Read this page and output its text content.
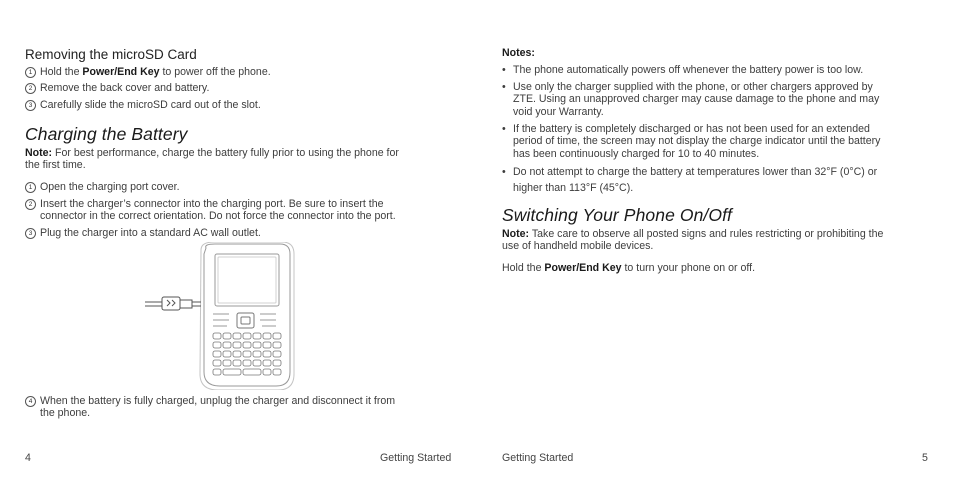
Removing the microSD Card
1 Hold the Power/End Key to power off the phone.
2 Remove the back cover and battery.
3 Carefully slide the microSD card out of the slot.
Charging the Battery
Note: For best performance, charge the battery fully prior to using the phone for
the first time.
1 Open the charging port cover.
2 Insert the charger’s connector into the charging port. Be sure to insert the
connector in the correct orientation. Do not force the connector into the port.
3 Plug the charger into a standard AC wall outlet.
4 When the battery is fully charged, unplug the charger and disconnect it from
the phone.
4	Getting Started
Notes:
• The phone automatically powers off whenever the battery power is too low.
• Use only the charger supplied with the phone, or other chargers approved by
ZTE. Using an unapproved charger may cause damage to the phone and may
void your Warranty.
• If the battery is completely discharged or has not been used for an extended
period of time, the screen may not display the charge indicator until the battery
has been continuously charged for 10 to 40 minutes.
• Do not attempt to charge the battery at temperatures lower than 32°F (0°C) or
higher than 113°F (45°C).
Switching Your Phone On/Off
Note: Take care to observe all posted signs and rules restricting or prohibiting the
use of handheld mobile devices.
Hold the Power/End Key to turn your phone on or off.
Getting Started	5
